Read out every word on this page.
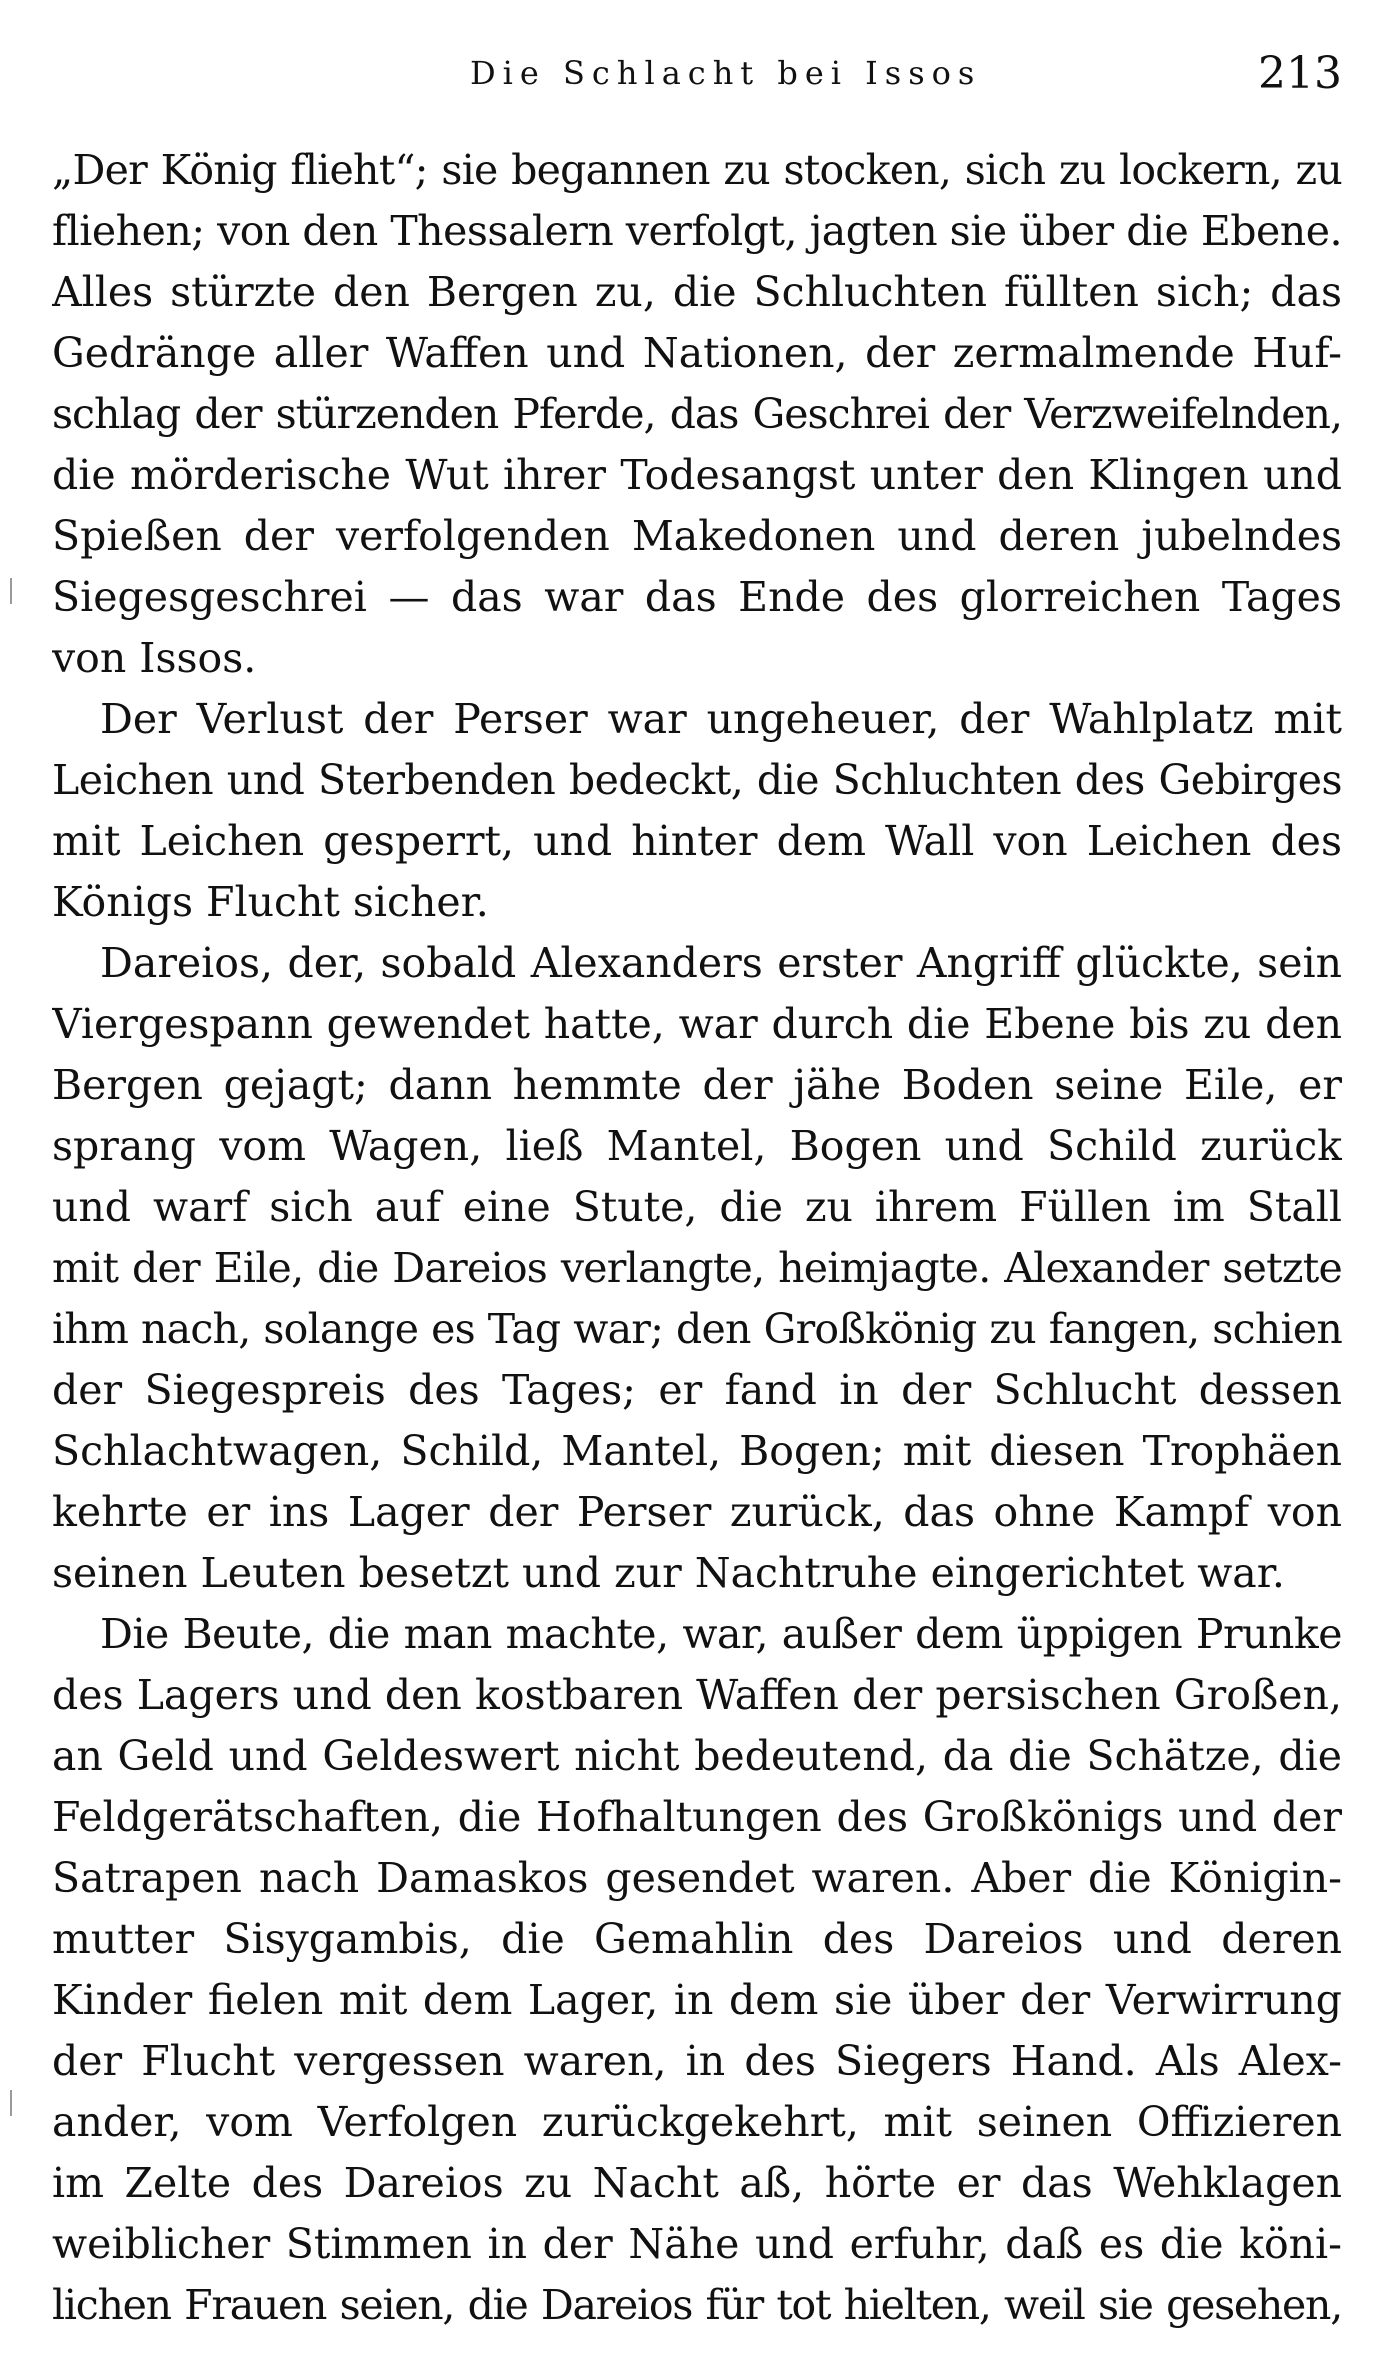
Die Schlacht bei Issos	213
„Der König flieht“; sie begannen zu stocken, sich zu lockern, zu
fliehen; von den Thessalern verfolgt, jagten sie über die Ebene.
Alles stürzte den Bergen zu, die Schluchten füllten sich; das
Gedränge aller Waffen und Nationen, der zermalmende Huf-
schlag der stürzenden Pferde, das Geschrei der Verzweifelnden,
die mörderische Wut ihrer Todesangst unter den Klingen und
Spießen der verfolgenden Makedonen und deren jubelndes
Siegesgeschrei — das war das Ende des glorreichen Tages
von Issos.
Der Verlust der Perser war ungeheuer, der Wahlplatz mit
Leichen und Sterbenden bedeckt, die Schluchten des Gebirges
mit Leichen gesperrt, und hinter dem Wall von Leichen des
Königs Flucht sicher.
Dareios, der, sobald Alexanders erster Angriff glückte, sein
Viergespann gewendet hatte, war durch die Ebene bis zu den
Bergen gejagt; dann hemmte der jähe Boden seine Eile, er
sprang vom Wagen, ließ Mantel, Bogen und Schild zurück
und warf sich auf eine Stute, die zu ihrem Füllen im Stall
mit der Eile, die Dareios verlangte, heimjagte. Alexander setzte
ihm nach, solange es Tag war; den Großkönig zu fangen, schien
der Siegespreis des Tages; er fand in der Schlucht dessen
Schlachtwagen, Schild, Mantel, Bogen; mit diesen Trophäen
kehrte er ins Lager der Perser zurück, das ohne Kampf von
seinen Leuten besetzt und zur Nachtruhe eingerichtet war.
Die Beute, die man machte, war, außer dem üppigen Prunke
des Lagers und den kostbaren Waffen der persischen Großen,
an Geld und Geldeswert nicht bedeutend, da die Schätze, die
Feldgerätschaften, die Hofhaltungen des Großkönigs und der
Satrapen nach Damaskos gesendet waren. Aber die Königin-
mutter Sisygambis, die Gemahlin des Dareios und deren
Kinder fielen mit dem Lager, in dem sie über der Verwirrung
der Flucht vergessen waren, in des Siegers Hand. Als Alex-
ander, vom Verfolgen zurückgekehrt, mit seinen Offizieren
im Zelte des Dareios zu Nacht aß, hörte er das Wehklagen
weiblicher Stimmen in der Nähe und erfuhr, daß es die köni-
lichen Frauen seien, die Dareios für tot hielten, weil sie gesehen,
